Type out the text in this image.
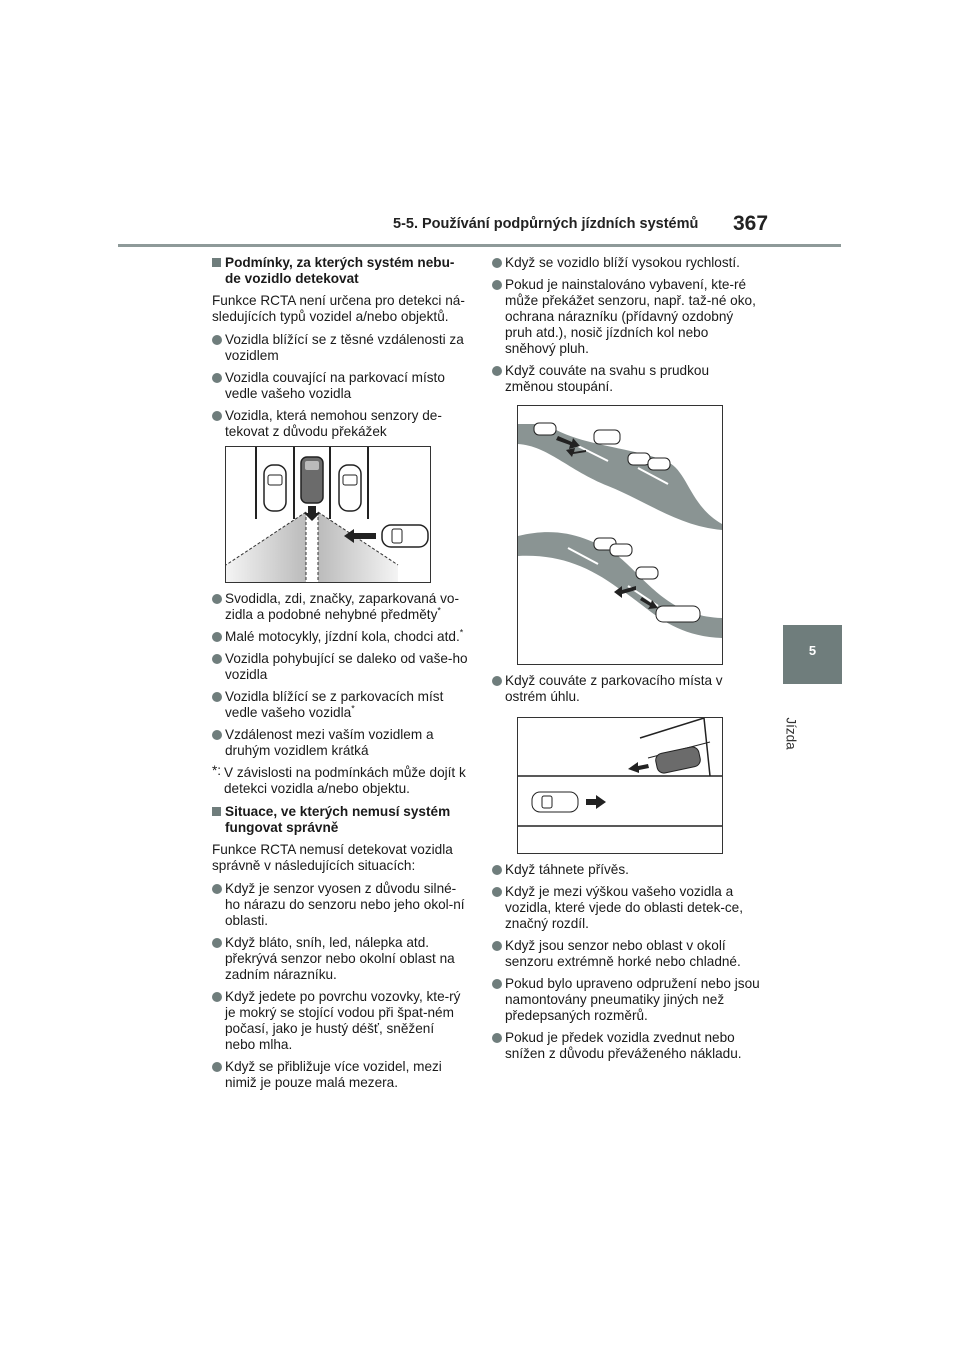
5-5. Používání podpůrných jízdních systémů 367
5
Jízda
Podmínky, za kterých systém nebu-de vozidlo detekovat
Funkce RCTA není určena pro detekci ná-sledujících typů vozidel a/nebo objektů.
Vozidla blížící se z těsné vzdálenosti za vozidlem
Vozidla couvající na parkovací místo vedle vašeho vozidla
Vozidla, která nemohou senzory de-tekovat z důvodu překážek
Svodidla, zdi, značky, zaparkovaná vo-zidla a podobné nehybné předměty*
Malé motocykly, jízdní kola, chodci atd.*
Vozidla pohybující se daleko od vaše-ho vozidla
Vozidla blížící se z parkovacích míst vedle vašeho vozidla*
Vzdálenost mezi vaším vozidlem a druhým vozidlem krátká
*: V závislosti na podmínkách může dojít k detekci vozidla a/nebo objektu.
Situace, ve kterých nemusí systém fungovat správně
Funkce RCTA nemusí detekovat vozidla správně v následujících situacích:
Když je senzor vyosen z důvodu silné-ho nárazu do senzoru nebo jeho okol-ní oblasti.
Když bláto, sníh, led, nálepka atd. překrývá senzor nebo okolní oblast na zadním nárazníku.
Když jedete po povrchu vozovky, kte-rý je mokrý se stojící vodou při špat-ném počasí, jako je hustý déšť, sněžení nebo mlha.
Když se přibližuje více vozidel, mezi nimiž je pouze malá mezera.
Když se vozidlo blíží vysokou rychlostí.
Pokud je nainstalováno vybavení, kte-ré může překážet senzoru, např. taž-né oko, ochrana nárazníku (přídavný ozdobný pruh atd.), nosič jízdních kol nebo sněhový pluh.
Když couváte na svahu s prudkou změnou stoupání.
Když couváte z parkovacího místa v ostrém úhlu.
Když táhnete přívěs.
Když je mezi výškou vašeho vozidla a vozidla, které vjede do oblasti detek-ce, značný rozdíl.
Když jsou senzor nebo oblast v okolí senzoru extrémně horké nebo chladné.
Pokud bylo upraveno odpružení nebo jsou namontovány pneumatiky jiných než předepsaných rozměrů.
Pokud je předek vozidla zvednut nebo snížen z důvodu převáženého nákladu.
